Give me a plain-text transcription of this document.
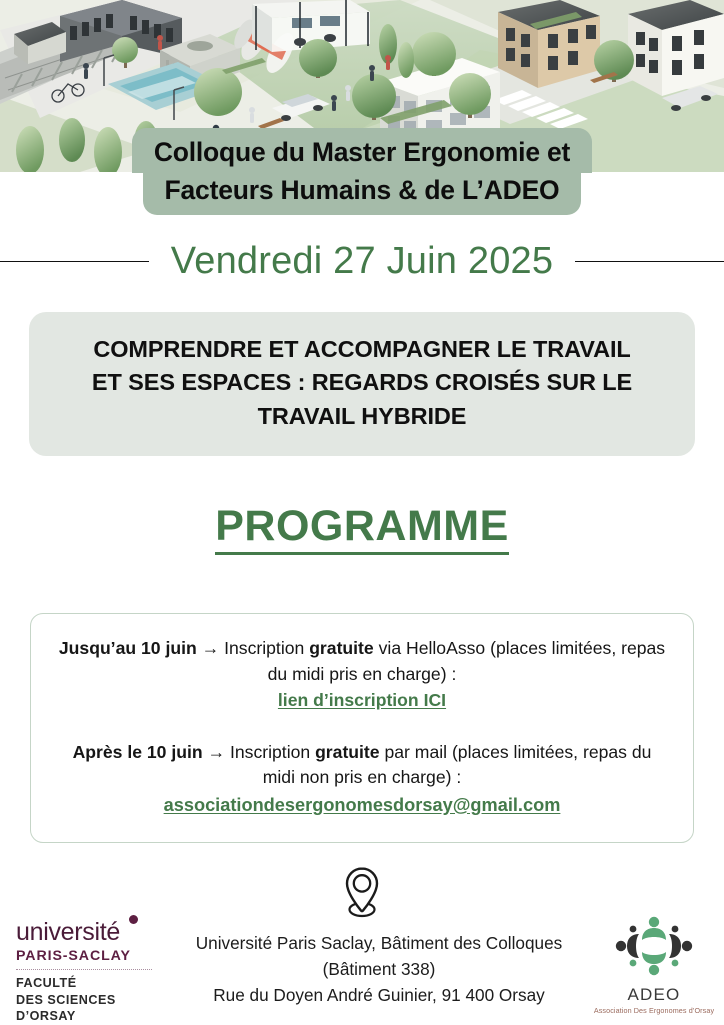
Colloque du Master Ergonomie et
Facteurs Humains & de L’ADEO
Vendredi 27 Juin 2025
COMPRENDRE ET ACCOMPAGNER LE TRAVAIL
ET SES ESPACES : REGARDS CROISÉS SUR LE
TRAVAIL HYBRIDE
PROGRAMME
Jusqu’au 10 juin → Inscription gratuite via HelloAsso (places limitées, repas du midi pris en charge) :
lien d’inscription ICI
Après le 10 juin → Inscription gratuite par mail (places limitées, repas du midi non pris en charge) :
associationdesergonomesdorsay@gmail.com
université
PARIS-SACLAY
FACULTÉ
DES SCIENCES
D’ORSAY
Université Paris Saclay, Bâtiment des Colloques
(Bâtiment 338)
Rue du Doyen André Guinier, 91 400 Orsay	ADEO
Association Des Ergonomes d’Orsay
